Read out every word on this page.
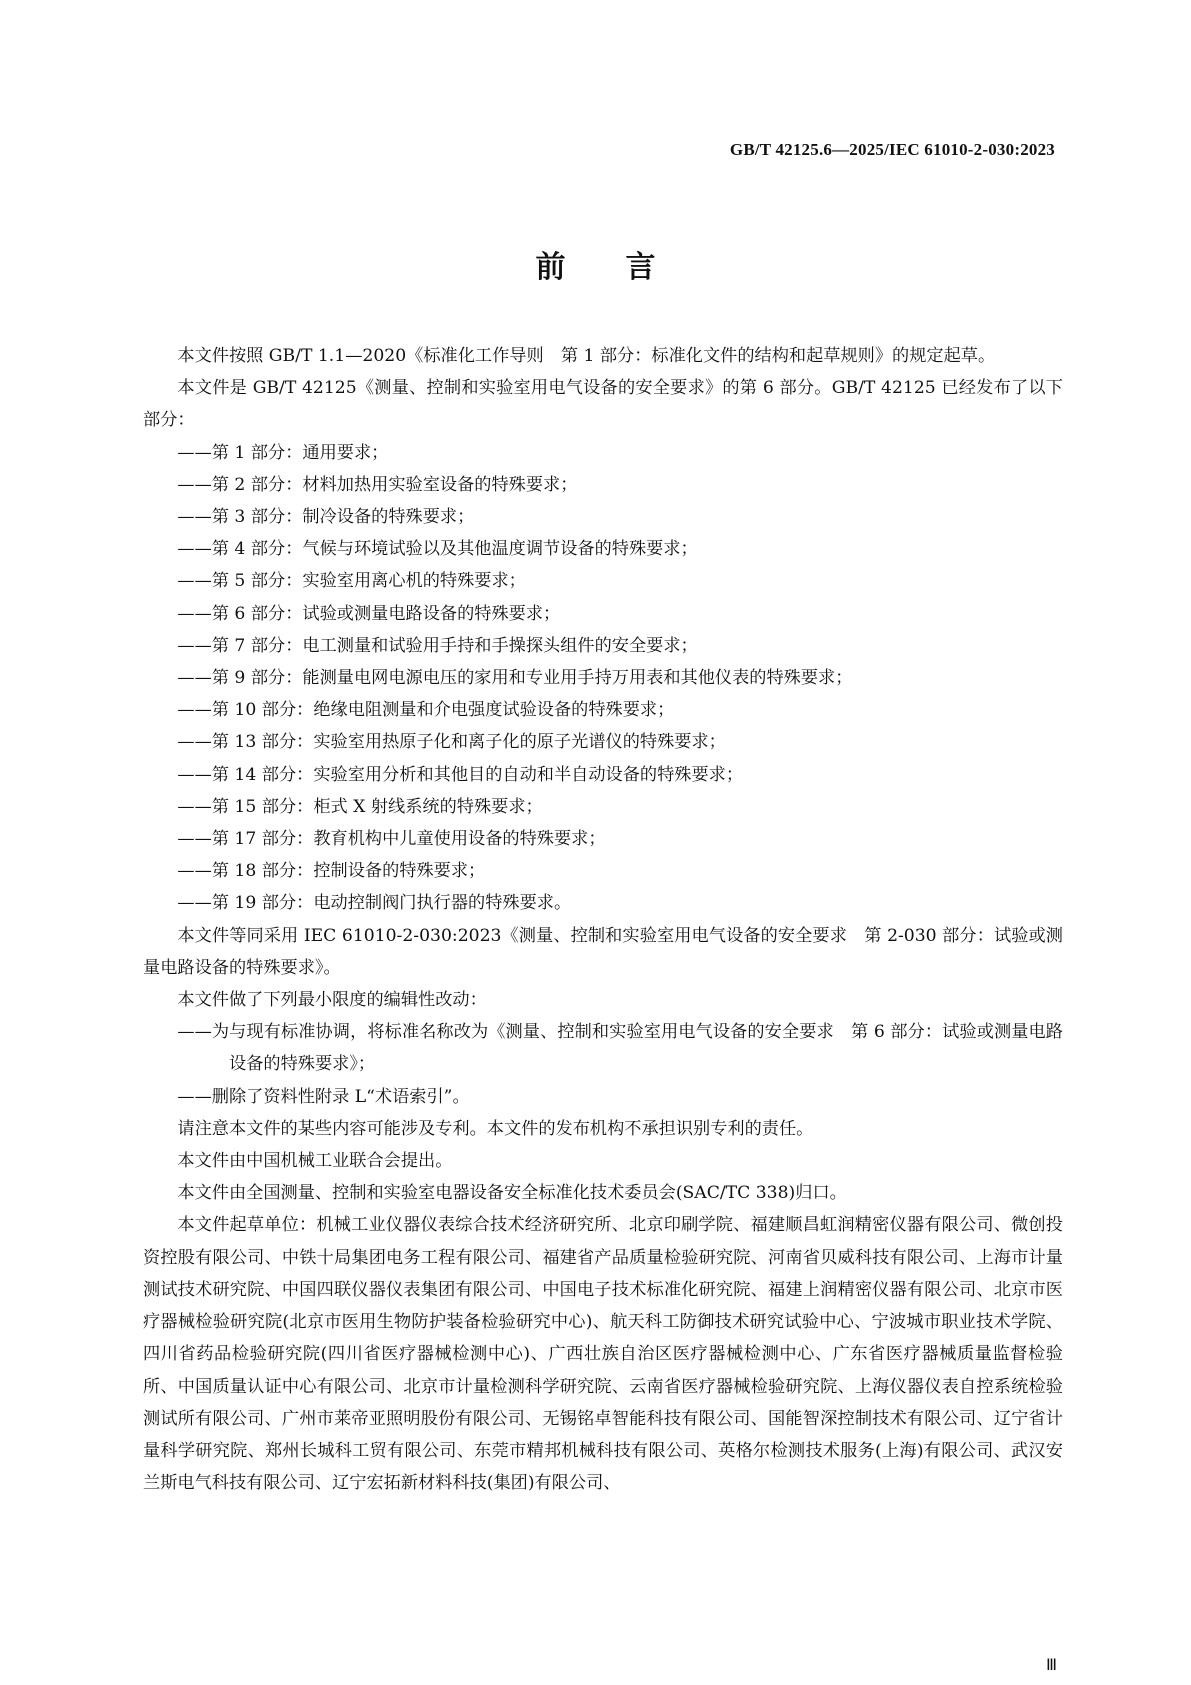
GB/T 42125.6—2025/IEC 61010-2-030:2023
前言

本文件按照 GB/T 1.1—2020《标准化工作导则　第 1 部分：标准化文件的结构和起草规则》的规定起草。

本文件是 GB/T 42125《测量、控制和实验室用电气设备的安全要求》的第 6 部分。GB/T 42125 已经发布了以下部分：

——第 1 部分：通用要求；

——第 2 部分：材料加热用实验室设备的特殊要求；

——第 3 部分：制冷设备的特殊要求；

——第 4 部分：气候与环境试验以及其他温度调节设备的特殊要求；

——第 5 部分：实验室用离心机的特殊要求；

——第 6 部分：试验或测量电路设备的特殊要求；

——第 7 部分：电工测量和试验用手持和手操探头组件的安全要求；

——第 9 部分：能测量电网电源电压的家用和专业用手持万用表和其他仪表的特殊要求；

——第 10 部分：绝缘电阻测量和介电强度试验设备的特殊要求；

——第 13 部分：实验室用热原子化和离子化的原子光谱仪的特殊要求；

——第 14 部分：实验室用分析和其他目的自动和半自动设备的特殊要求；

——第 15 部分：柜式 X 射线系统的特殊要求；

——第 17 部分：教育机构中儿童使用设备的特殊要求；

——第 18 部分：控制设备的特殊要求；

——第 19 部分：电动控制阀门执行器的特殊要求。

本文件等同采用 IEC 61010-2-030:2023《测量、控制和实验室用电气设备的安全要求　第 2-030 部分：试验或测量电路设备的特殊要求》。

本文件做了下列最小限度的编辑性改动：

——为与现有标准协调，将标准名称改为《测量、控制和实验室用电气设备的安全要求　第 6 部分：试验或测量电路设备的特殊要求》；

——删除了资料性附录 L“术语索引”。

请注意本文件的某些内容可能涉及专利。本文件的发布机构不承担识别专利的责任。

本文件由中国机械工业联合会提出。

本文件由全国测量、控制和实验室电器设备安全标准化技术委员会(SAC/TC 338)归口。

本文件起草单位：机械工业仪器仪表综合技术经济研究所、北京印刷学院、福建顺昌虹润精密仪器有限公司、微创投资控股有限公司、中铁十局集团电务工程有限公司、福建省产品质量检验研究院、河南省贝威科技有限公司、上海市计量测试技术研究院、中国四联仪器仪表集团有限公司、中国电子技术标准化研究院、福建上润精密仪器有限公司、北京市医疗器械检验研究院(北京市医用生物防护装备检验研究中心)、航天科工防御技术研究试验中心、宁波城市职业技术学院、四川省药品检验研究院(四川省医疗器械检测中心)、广西壮族自治区医疗器械检测中心、广东省医疗器械质量监督检验所、中国质量认证中心有限公司、北京市计量检测科学研究院、云南省医疗器械检验研究院、上海仪器仪表自控系统检验测试所有限公司、广州市莱帝亚照明股份有限公司、无锡铭卓智能科技有限公司、国能智深控制技术有限公司、辽宁省计量科学研究院、郑州长城科工贸有限公司、东莞市精邦机械科技有限公司、英格尔检测技术服务(上海)有限公司、武汉安兰斯电气科技有限公司、辽宁宏拓新材料科技(集团)有限公司、

Ⅲ
